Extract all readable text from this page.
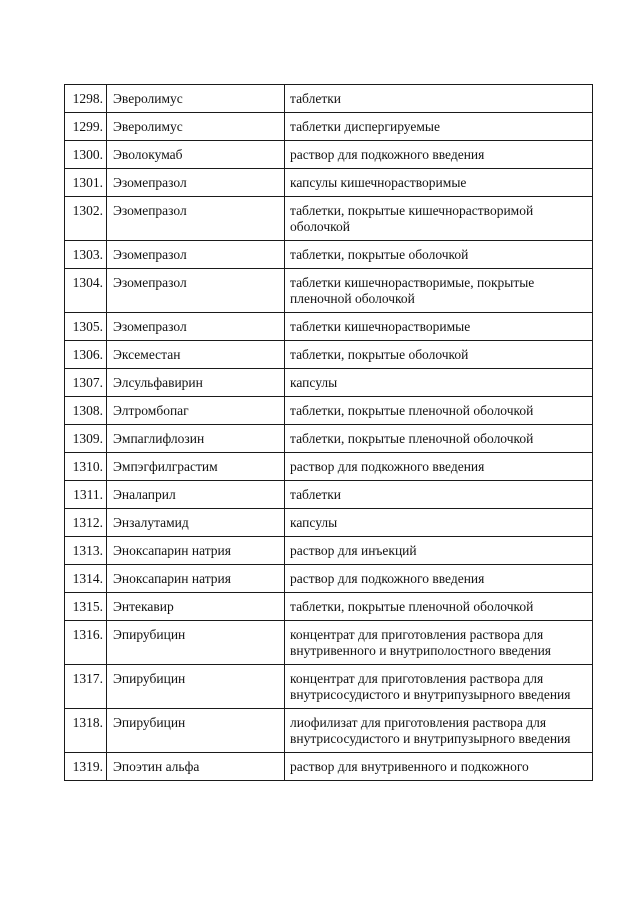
1298.	Эверолимус	таблетки
1299.	Эверолимус	таблетки диспергируемые
1300.	Эволокумаб	раствор для подкожного введения
1301.	Эзомепразол	капсулы кишечнорастворимые
1302.	Эзомепразол	таблетки, покрытые кишечнорастворимой оболочкой
1303.	Эзомепразол	таблетки, покрытые оболочкой
1304.	Эзомепразол	таблетки кишечнорастворимые, покрытые пленочной оболочкой
1305.	Эзомепразол	таблетки кишечнорастворимые
1306.	Эксеместан	таблетки, покрытые оболочкой
1307.	Элсульфавирин	капсулы
1308.	Элтромбопаг	таблетки, покрытые пленочной оболочкой
1309.	Эмпаглифлозин	таблетки, покрытые пленочной оболочкой
1310.	Эмпэгфилграстим	раствор для подкожного введения
1311.	Эналаприл	таблетки
1312.	Энзалутамид	капсулы
1313.	Эноксапарин натрия	раствор для инъекций
1314.	Эноксапарин натрия	раствор для подкожного введения
1315.	Энтекавир	таблетки, покрытые пленочной оболочкой
1316.	Эпирубицин	концентрат для приготовления раствора для внутривенного и внутриполостного введения
1317.	Эпирубицин	концентрат для приготовления раствора для внутрисосудистого и внутрипузырного введения
1318.	Эпирубицин	лиофилизат для приготовления раствора для внутрисосудистого и внутрипузырного введения
1319.	Эпоэтин альфа	раствор для внутривенного и подкожного
